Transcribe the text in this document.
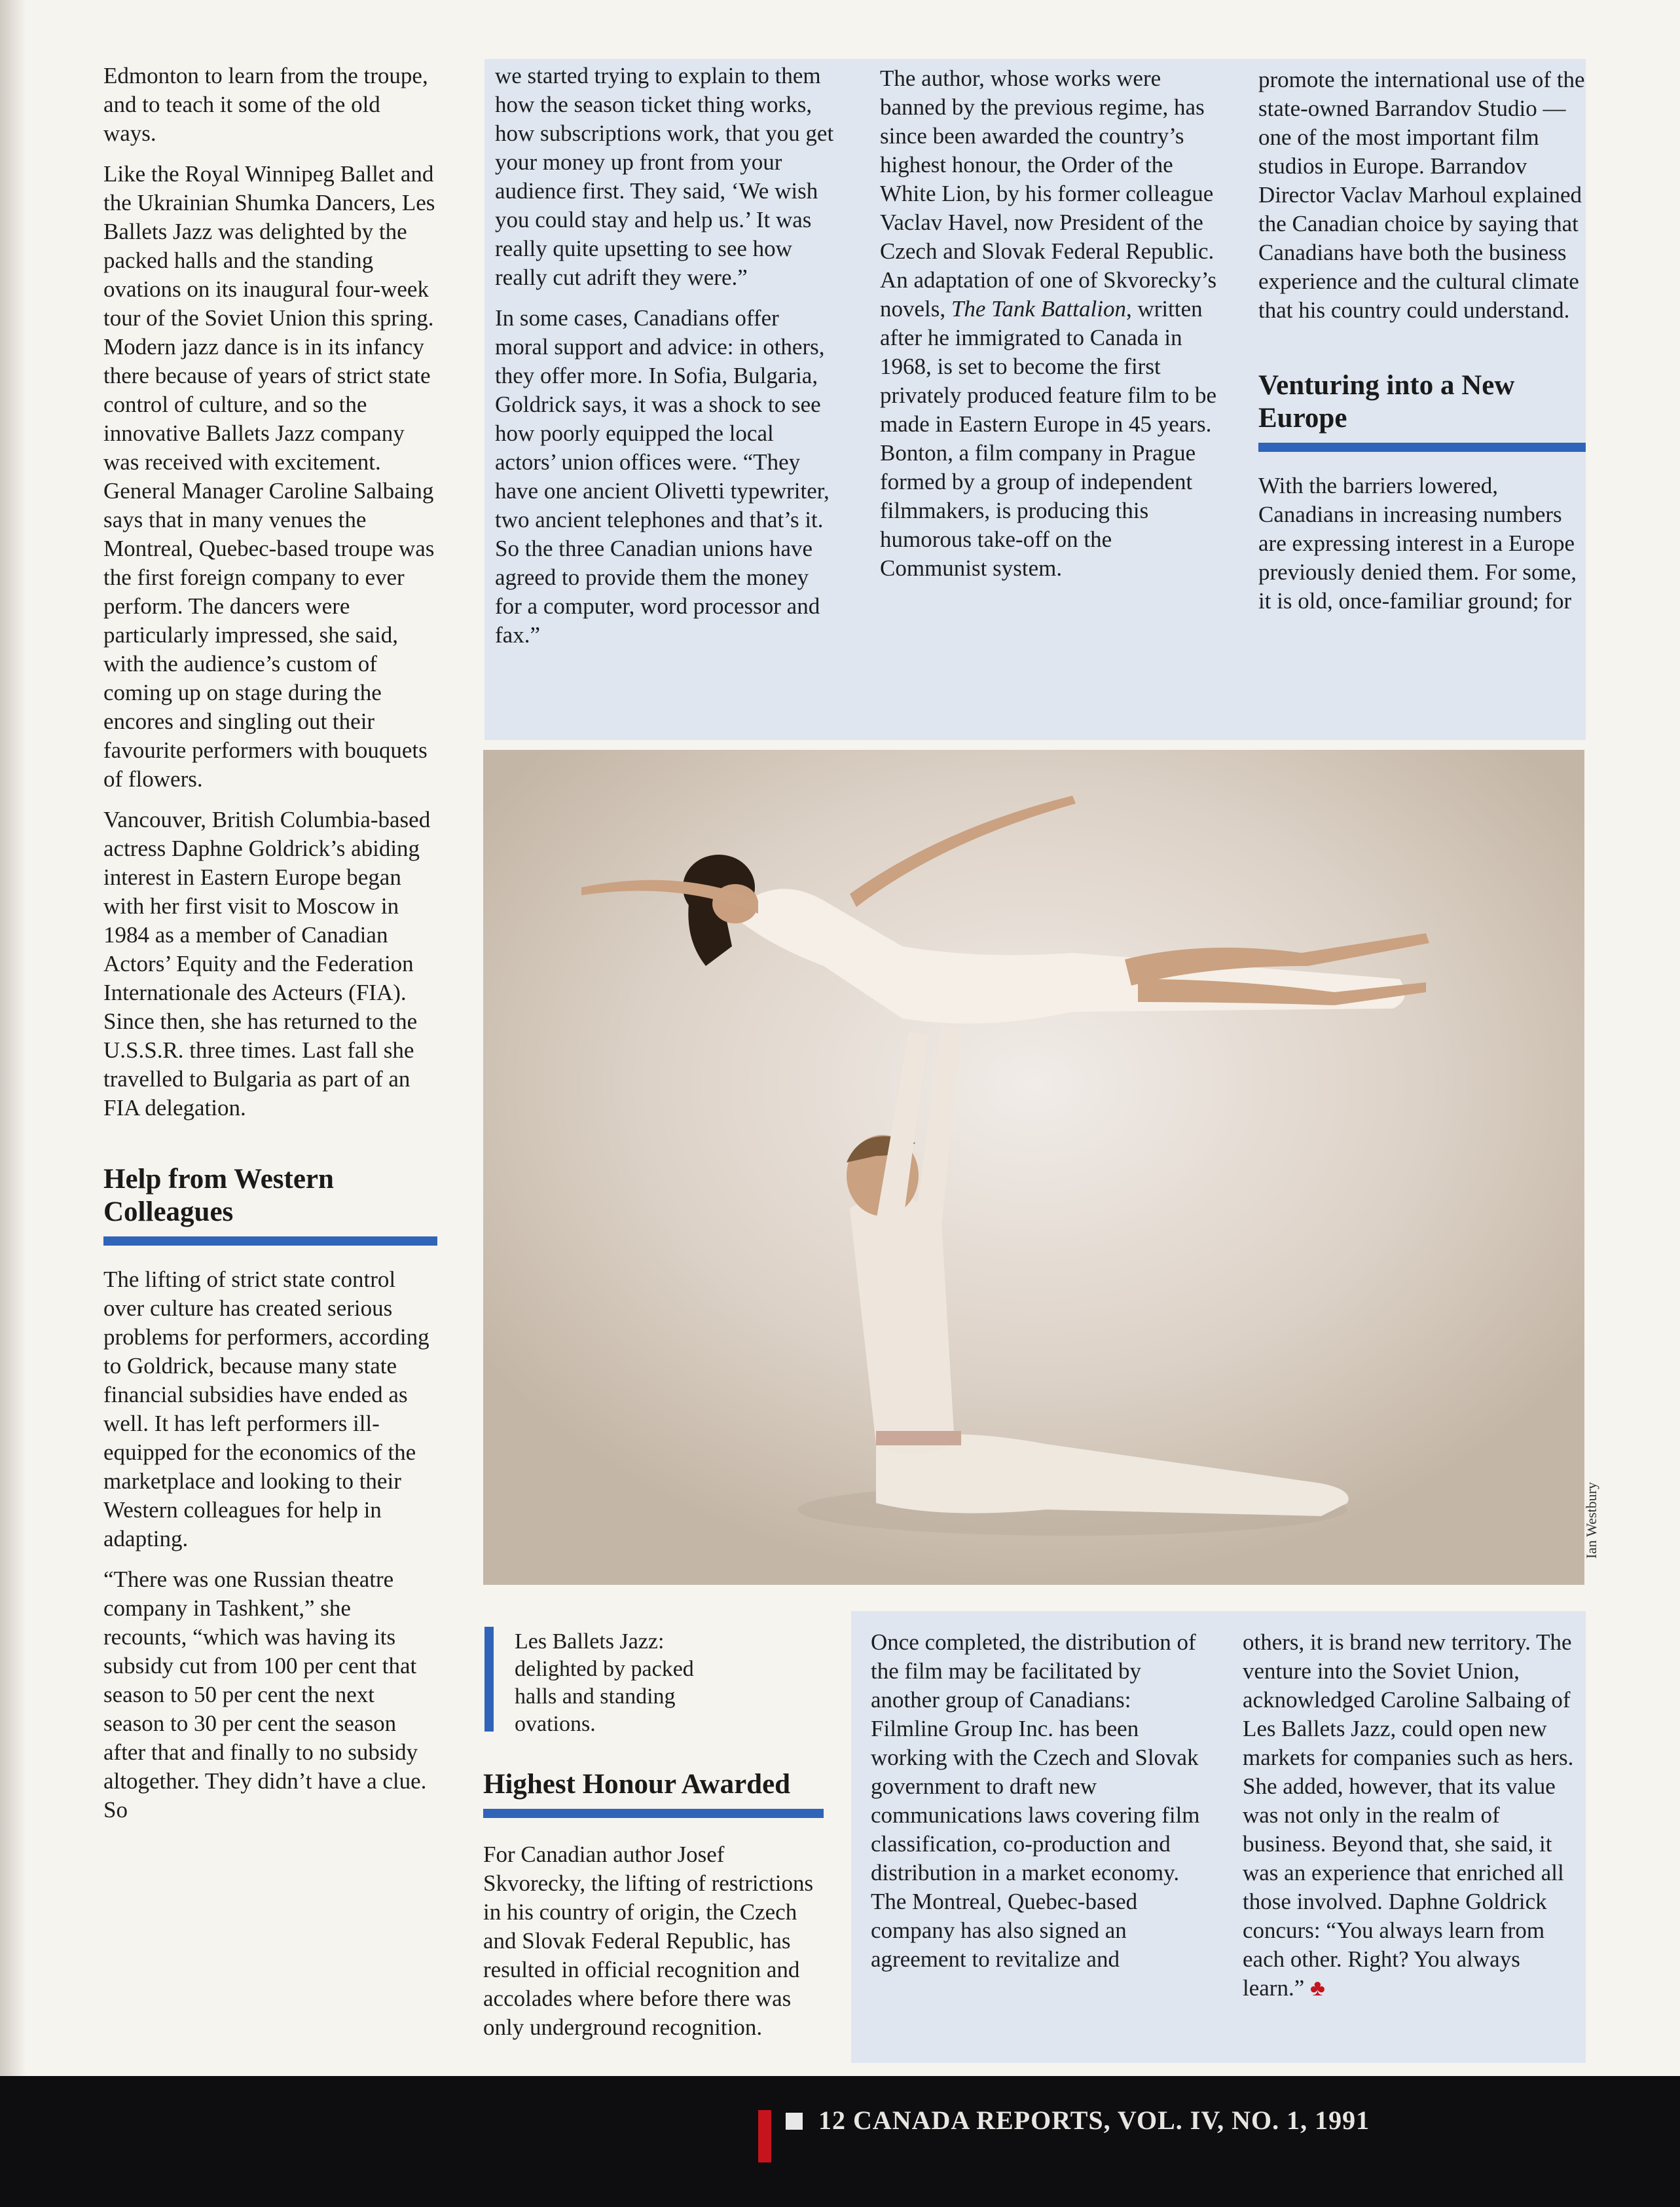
Edmonton to learn from the troupe, and to teach it some of the old ways.

Like the Royal Winnipeg Ballet and the Ukrainian Shumka Dancers, Les Ballets Jazz was delighted by the packed halls and the standing ovations on its inaugural four-week tour of the Soviet Union this spring. Modern jazz dance is in its infancy there because of years of strict state control of culture, and so the innovative Ballets Jazz company was received with excitement. General Manager Caroline Salbaing says that in many venues the Montreal, Quebec-based troupe was the first foreign company to ever perform. The dancers were particularly impressed, she said, with the audience’s custom of coming up on stage during the encores and singling out their favourite performers with bouquets of flowers.

Vancouver, British Columbia-based actress Daphne Goldrick’s abiding interest in Eastern Europe began with her first visit to Moscow in 1984 as a member of Canadian Actors’ Equity and the Federation Internationale des Acteurs (FIA). Since then, she has returned to the U.S.S.R. three times. Last fall she travelled to Bulgaria as part of an FIA delegation.

Help from Western Colleagues

The lifting of strict state control over culture has created serious problems for performers, according to Goldrick, because many state financial subsidies have ended as well. It has left performers ill-equipped for the economics of the marketplace and looking to their Western colleagues for help in adapting.

“There was one Russian theatre company in Tashkent,” she recounts, “which was having its subsidy cut from 100 per cent that season to 50 per cent the next season to 30 per cent the season after that and finally to no subsidy altogether. They didn’t have a clue. So

we started trying to explain to them how the season ticket thing works, how subscriptions work, that you get your money up front from your audience first. They said, ‘We wish you could stay and help us.’ It was really quite upsetting to see how really cut adrift they were.”

In some cases, Canadians offer moral support and advice: in others, they offer more. In Sofia, Bulgaria, Goldrick says, it was a shock to see how poorly equipped the local actors’ union offices were. “They have one ancient Olivetti typewriter, two ancient telephones and that’s it. So the three Canadian unions have agreed to provide them the money for a computer, word processor and fax.”

The author, whose works were banned by the previous regime, has since been awarded the country’s highest honour, the Order of the White Lion, by his former colleague Vaclav Havel, now President of the Czech and Slovak Federal Republic. An adaptation of one of Skvorecky’s novels, The Tank Battalion, written after he immigrated to Canada in 1968, is set to become the first privately produced feature film to be made in Eastern Europe in 45 years. Bonton, a film company in Prague formed by a group of independent filmmakers, is producing this humorous take-off on the Communist system.

promote the international use of the state-owned Barrandov Studio — one of the most important film studios in Europe. Barrandov Director Vaclav Marhoul explained the Canadian choice by saying that Canadians have both the business experience and the cultural climate that his country could understand.

Venturing into a New Europe

With the barriers lowered, Canadians in increasing numbers are expressing interest in a Europe previously denied them. For some, it is old, once-familiar ground; for

Ian Westbury
Les Ballets Jazz: delighted by packed halls and standing ovations.
Highest Honour Awarded

For Canadian author Josef Skvorecky, the lifting of restrictions in his country of origin, the Czech and Slovak Federal Republic, has resulted in official recognition and accolades where before there was only underground recognition.

Once completed, the distribution of the film may be facilitated by another group of Canadians: Filmline Group Inc. has been working with the Czech and Slovak government to draft new communications laws covering film classification, co-production and distribution in a market economy. The Montreal, Quebec-based company has also signed an agreement to revitalize and

others, it is brand new territory. The venture into the Soviet Union, acknowledged Caroline Salbaing of Les Ballets Jazz, could open new markets for companies such as hers. She added, however, that its value was not only in the realm of business. Beyond that, she said, it was an experience that enriched all those involved. Daphne Goldrick concurs: “You always learn from each other. Right? You always learn.” ♣

12 CANADA REPORTS, VOL. IV, NO. 1, 1991
